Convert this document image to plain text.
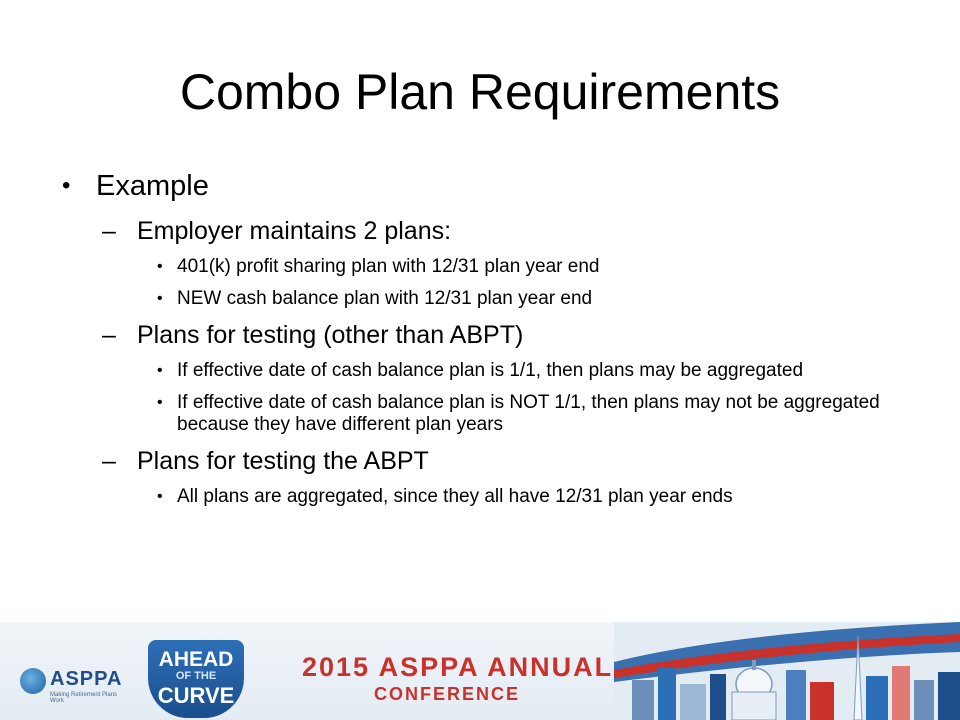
Combo Plan Requirements
• Example
– Employer maintains 2 plans:
• 401(k) profit sharing plan with 12/31 plan year end
• NEW cash balance plan with 12/31 plan year end
– Plans for testing (other than ABPT)
• If effective date of cash balance plan is 1/1, then plans may be aggregated
• If effective date of cash balance plan is NOT 1/1, then plans may not be aggregated because they have different plan years
– Plans for testing the ABPT
• All plans are aggregated, since they all have 12/31 plan year ends
ASPPA
Making Retirement Plans Work
AHEAD
OF THE
CURVE
2015 ASPPA ANNUAL
CONFERENCE
